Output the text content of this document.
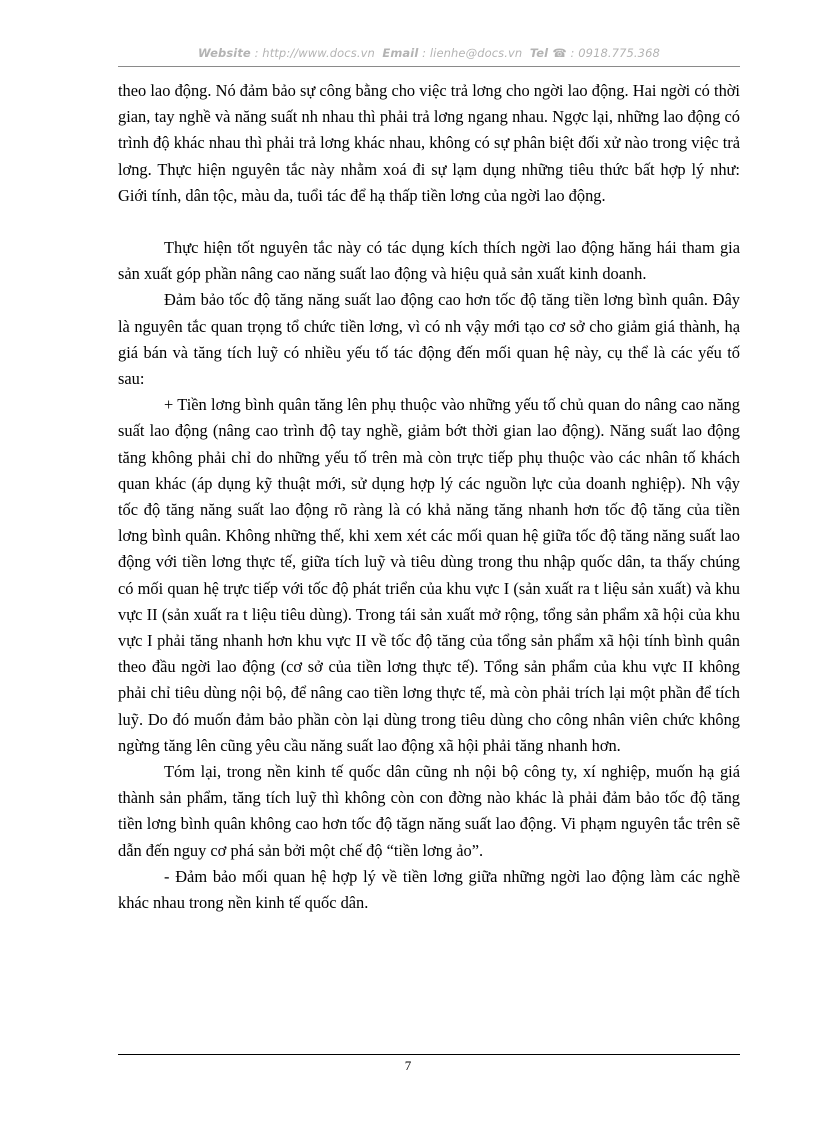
Website : http://www.docs.vn Email : lienhe@docs.vn Tel ☎ : 0918.775.368

theo lao động. Nó đảm bảo sự công bằng cho việc trả lơng cho ngời lao động. Hai ngời có thời gian, tay nghề và năng suất nh nhau thì phải trả lơng ngang nhau. Ngợc lại, những lao động có trình độ khác nhau thì phải trả lơng khác nhau, không có sự phân biệt đối xử nào trong việc trả lơng. Thực hiện nguyên tắc này nhằm xoá đi sự lạm dụng những tiêu thức bất hợp lý như: Giới tính, dân tộc, màu da, tuổi tác để hạ thấp tiền lơng của ngời lao động.

Thực hiện tốt nguyên tắc này có tác dụng kích thích ngời lao động hăng hái tham gia sản xuất góp phần nâng cao năng suất lao động và hiệu quả sản xuất kinh doanh.

Đảm bảo tốc độ tăng năng suất lao động cao hơn tốc độ tăng tiền lơng bình quân. Đây là nguyên tắc quan trọng tổ chức tiền lơng, vì có nh vậy mới tạo cơ sở cho giảm giá thành, hạ giá bán và tăng tích luỹ có nhiều yếu tố tác động đến mối quan hệ này, cụ thể là các yếu tố sau:

+ Tiền lơng bình quân tăng lên phụ thuộc vào những yếu tố chủ quan do nâng cao năng suất lao động (nâng cao trình độ tay nghề, giảm bớt thời gian lao động). Năng suất lao động tăng không phải chỉ do những yếu tố trên mà còn trực tiếp phụ thuộc vào các nhân tố khách quan khác (áp dụng kỹ thuật mới, sử dụng hợp lý các nguồn lực của doanh nghiệp). Nh vậy tốc độ tăng năng suất lao động rõ ràng là có khả năng tăng nhanh hơn tốc độ tăng của tiền lơng bình quân. Không những thế, khi xem xét các mối quan hệ giữa tốc độ tăng năng suất lao động với tiền lơng thực tế, giữa tích luỹ và tiêu dùng trong thu nhập quốc dân, ta thấy chúng có mối quan hệ trực tiếp với tốc độ phát triển của khu vực I (sản xuất ra t liệu sản xuất) và khu vực II (sản xuất ra t liệu tiêu dùng). Trong tái sản xuất mở rộng, tổng sản phẩm xã hội của khu vực I phải tăng nhanh hơn khu vực II về tốc độ tăng của tổng sản phẩm xã hội tính bình quân theo đầu ngời lao động (cơ sở của tiền lơng thực tế). Tổng sản phẩm của khu vực II không phải chỉ tiêu dùng nội bộ, để nâng cao tiền lơng thực tế, mà còn phải trích lại một phần để tích luỹ. Do đó muốn đảm bảo phần còn lại dùng trong tiêu dùng cho công nhân viên chức không ngừng tăng lên cũng yêu cầu năng suất lao động xã hội phải tăng nhanh hơn.

Tóm lại, trong nền kinh tế quốc dân cũng nh nội bộ công ty, xí nghiệp, muốn hạ giá thành sản phẩm, tăng tích luỹ thì không còn con đờng nào khác là phải đảm bảo tốc độ tăng tiền lơng bình quân không cao hơn tốc độ tăgn năng suất lao động. Vi phạm nguyên tắc trên sẽ dẫn đến nguy cơ phá sản bởi một chế độ “tiền lơng ảo”.

- Đảm bảo mối quan hệ hợp lý về tiền lơng giữa những ngời lao động làm các nghề khác nhau trong nền kinh tế quốc dân.

7
